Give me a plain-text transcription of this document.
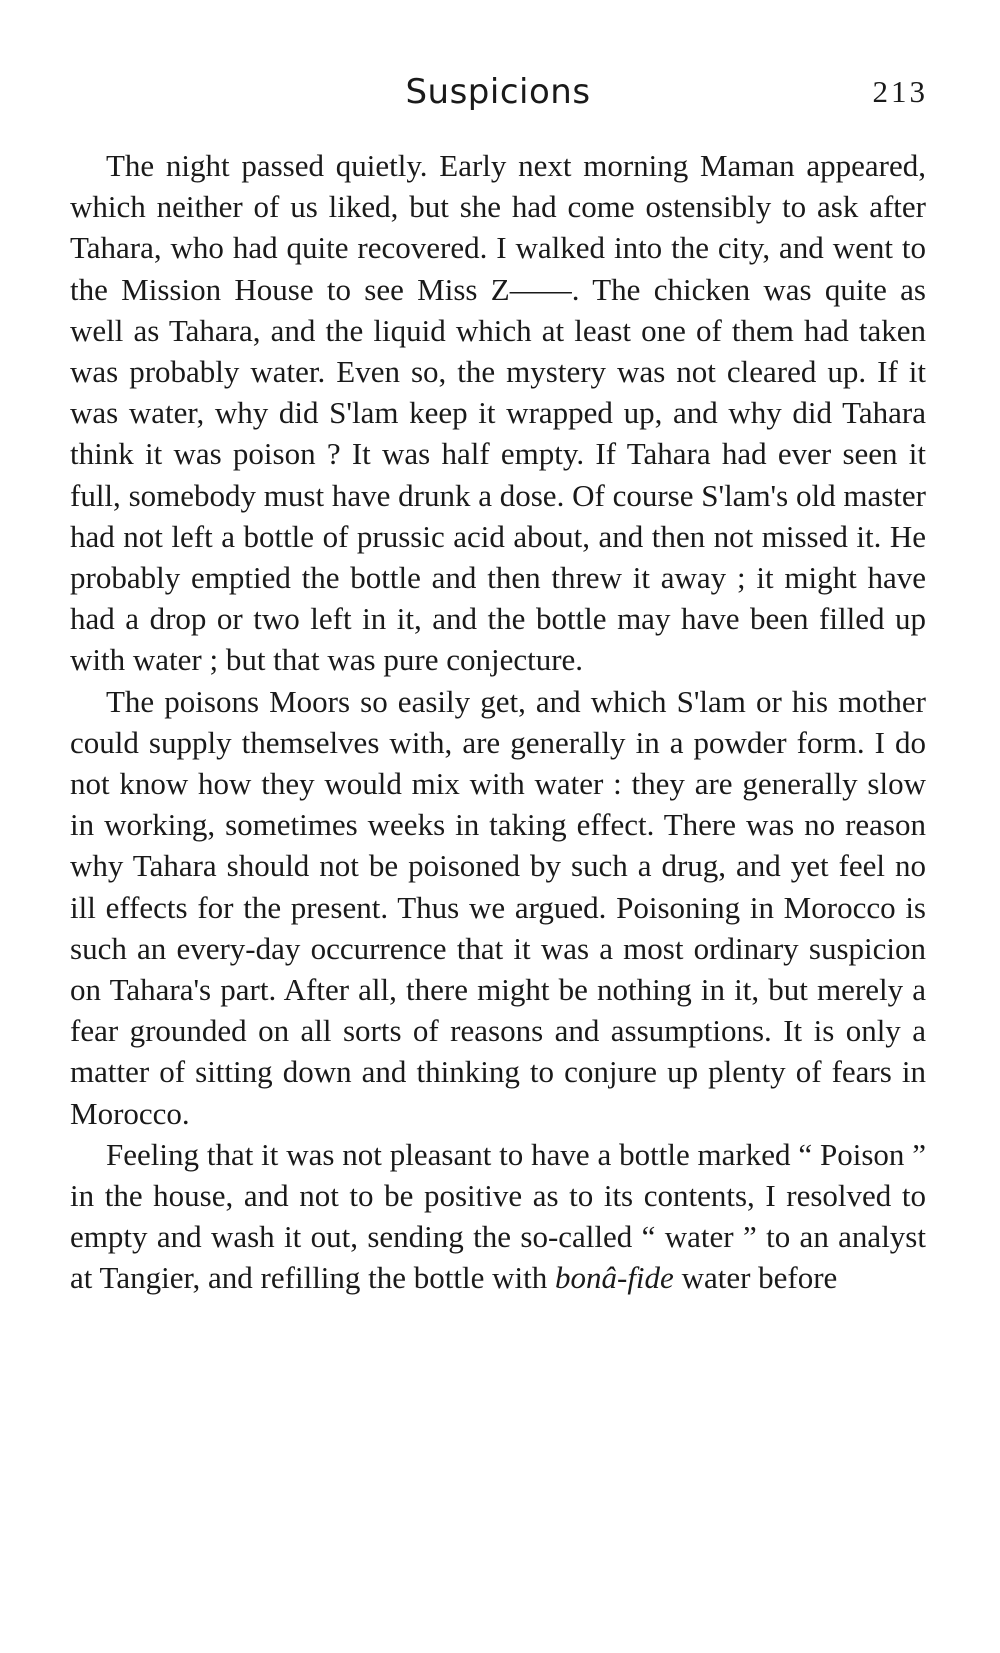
Suspicions	213

The night passed quietly. Early next morning Maman appeared, which neither of us liked, but she had come ostensibly to ask after Tahara, who had quite recovered. I walked into the city, and went to the Mission House to see Miss Z——. The chicken was quite as well as Tahara, and the liquid which at least one of them had taken was probably water. Even so, the mystery was not cleared up. If it was water, why did S'lam keep it wrapped up, and why did Tahara think it was poison ? It was half empty. If Tahara had ever seen it full, somebody must have drunk a dose. Of course S'lam's old master had not left a bottle of prussic acid about, and then not missed it. He probably emptied the bottle and then threw it away ; it might have had a drop or two left in it, and the bottle may have been filled up with water ; but that was pure conjecture.

The poisons Moors so easily get, and which S'lam or his mother could supply themselves with, are generally in a powder form. I do not know how they would mix with water : they are generally slow in working, sometimes weeks in taking effect. There was no reason why Tahara should not be poisoned by such a drug, and yet feel no ill effects for the present. Thus we argued. Poisoning in Morocco is such an every-day occurrence that it was a most ordinary suspicion on Tahara's part. After all, there might be nothing in it, but merely a fear grounded on all sorts of reasons and assumptions. It is only a matter of sitting down and thinking to conjure up plenty of fears in Morocco.

Feeling that it was not pleasant to have a bottle marked “ Poison ” in the house, and not to be positive as to its contents, I resolved to empty and wash it out, sending the so-called “ water ” to an analyst at Tangier, and refilling the bottle with bonâ-fide water before
